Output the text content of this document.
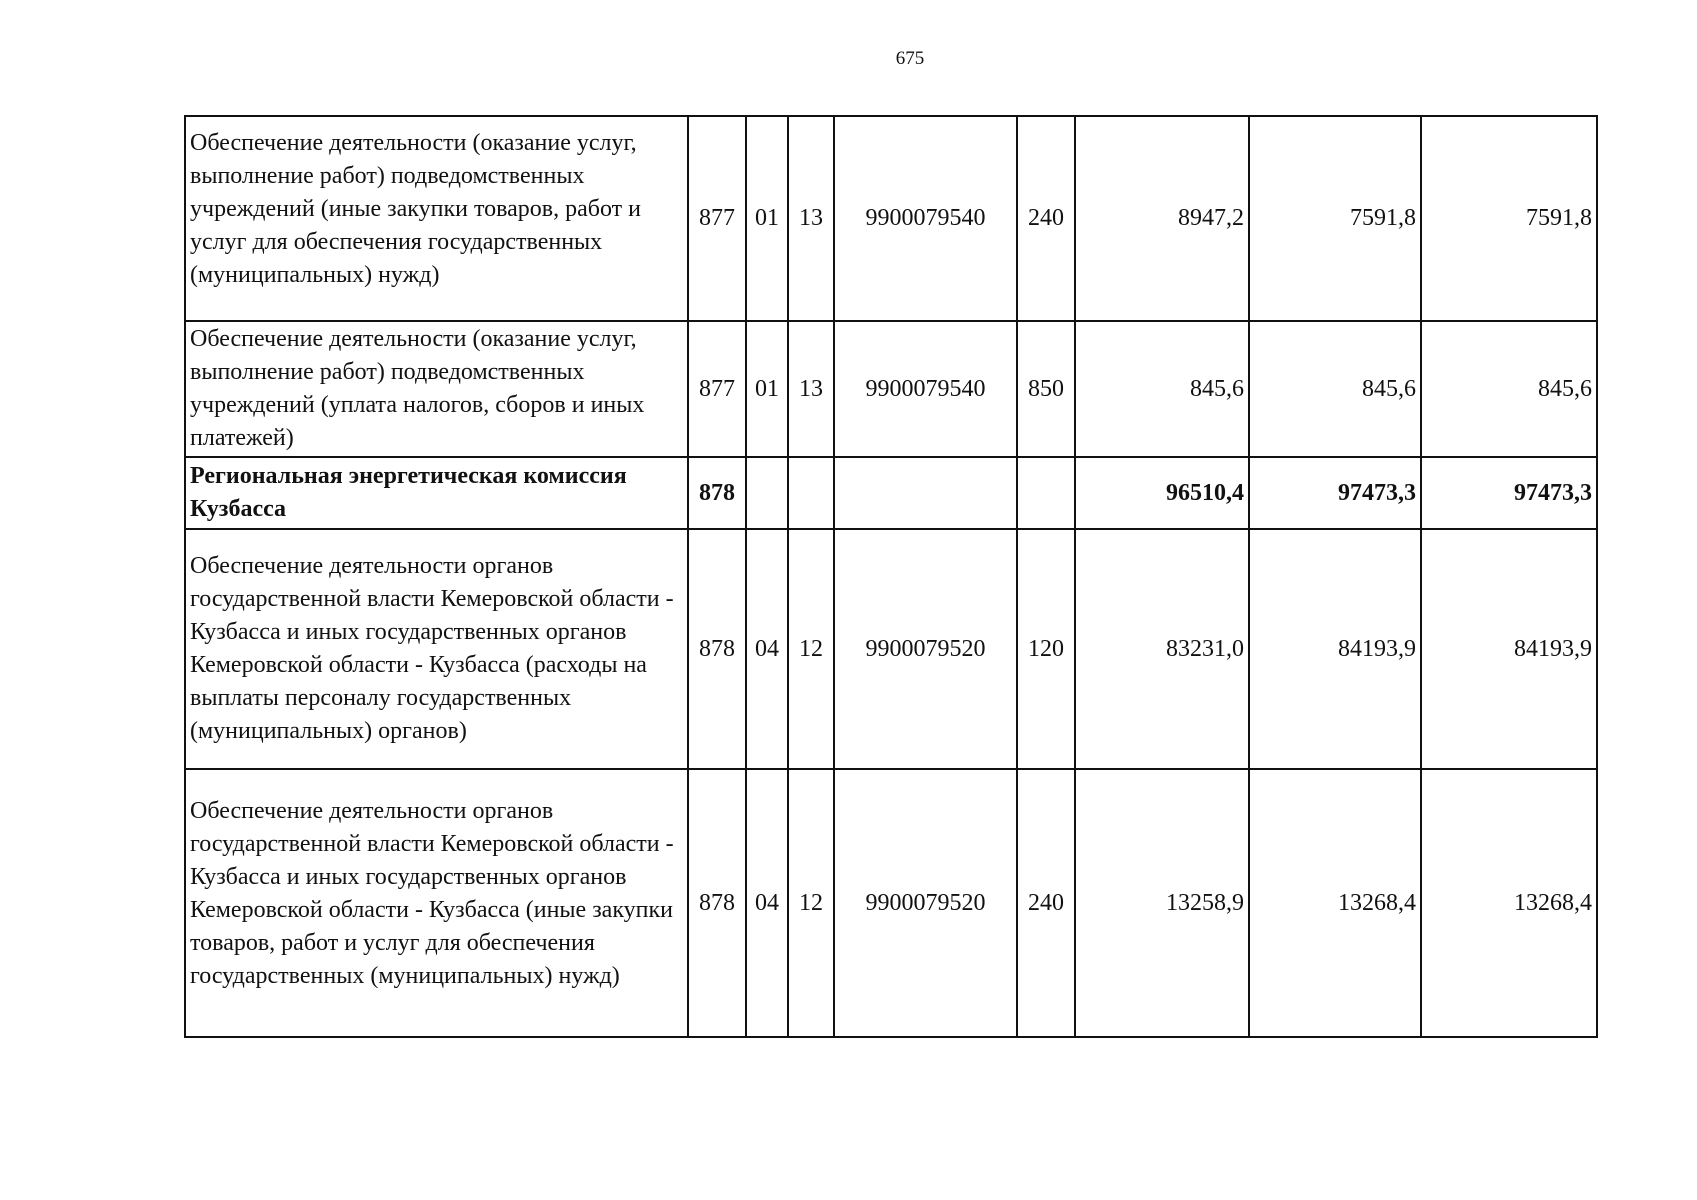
675
Обеспечение деятельности (оказание услуг, выполнение работ) подведомственных учреждений (иные закупки товаров, работ и услуг для обеспечения государственных (муниципальных) нужд)	877	01	13	9900079540	240	8947,2	7591,8	7591,8

Обеспечение деятельности (оказание услуг, выполнение работ) подведомственных учреждений (уплата налогов, сборов и иных платежей)	877	01	13	9900079540	850	845,6	845,6	845,6

Региональная энергетическая комиссия Кузбасса	878					96510,4	97473,3	97473,3

Обеспечение деятельности органов государственной власти Кемеровской области - Кузбасса и иных государственных органов Кемеровской области - Кузбасса (расходы на выплаты персоналу государственных (муниципальных) органов)	878	04	12	9900079520	120	83231,0	84193,9	84193,9

Обеспечение деятельности органов государственной власти Кемеровской области - Кузбасса и иных государственных органов Кемеровской области - Кузбасса (иные закупки товаров, работ и услуг для обеспечения государственных (муниципальных) нужд)	878	04	12	9900079520	240	13258,9	13268,4	13268,4
